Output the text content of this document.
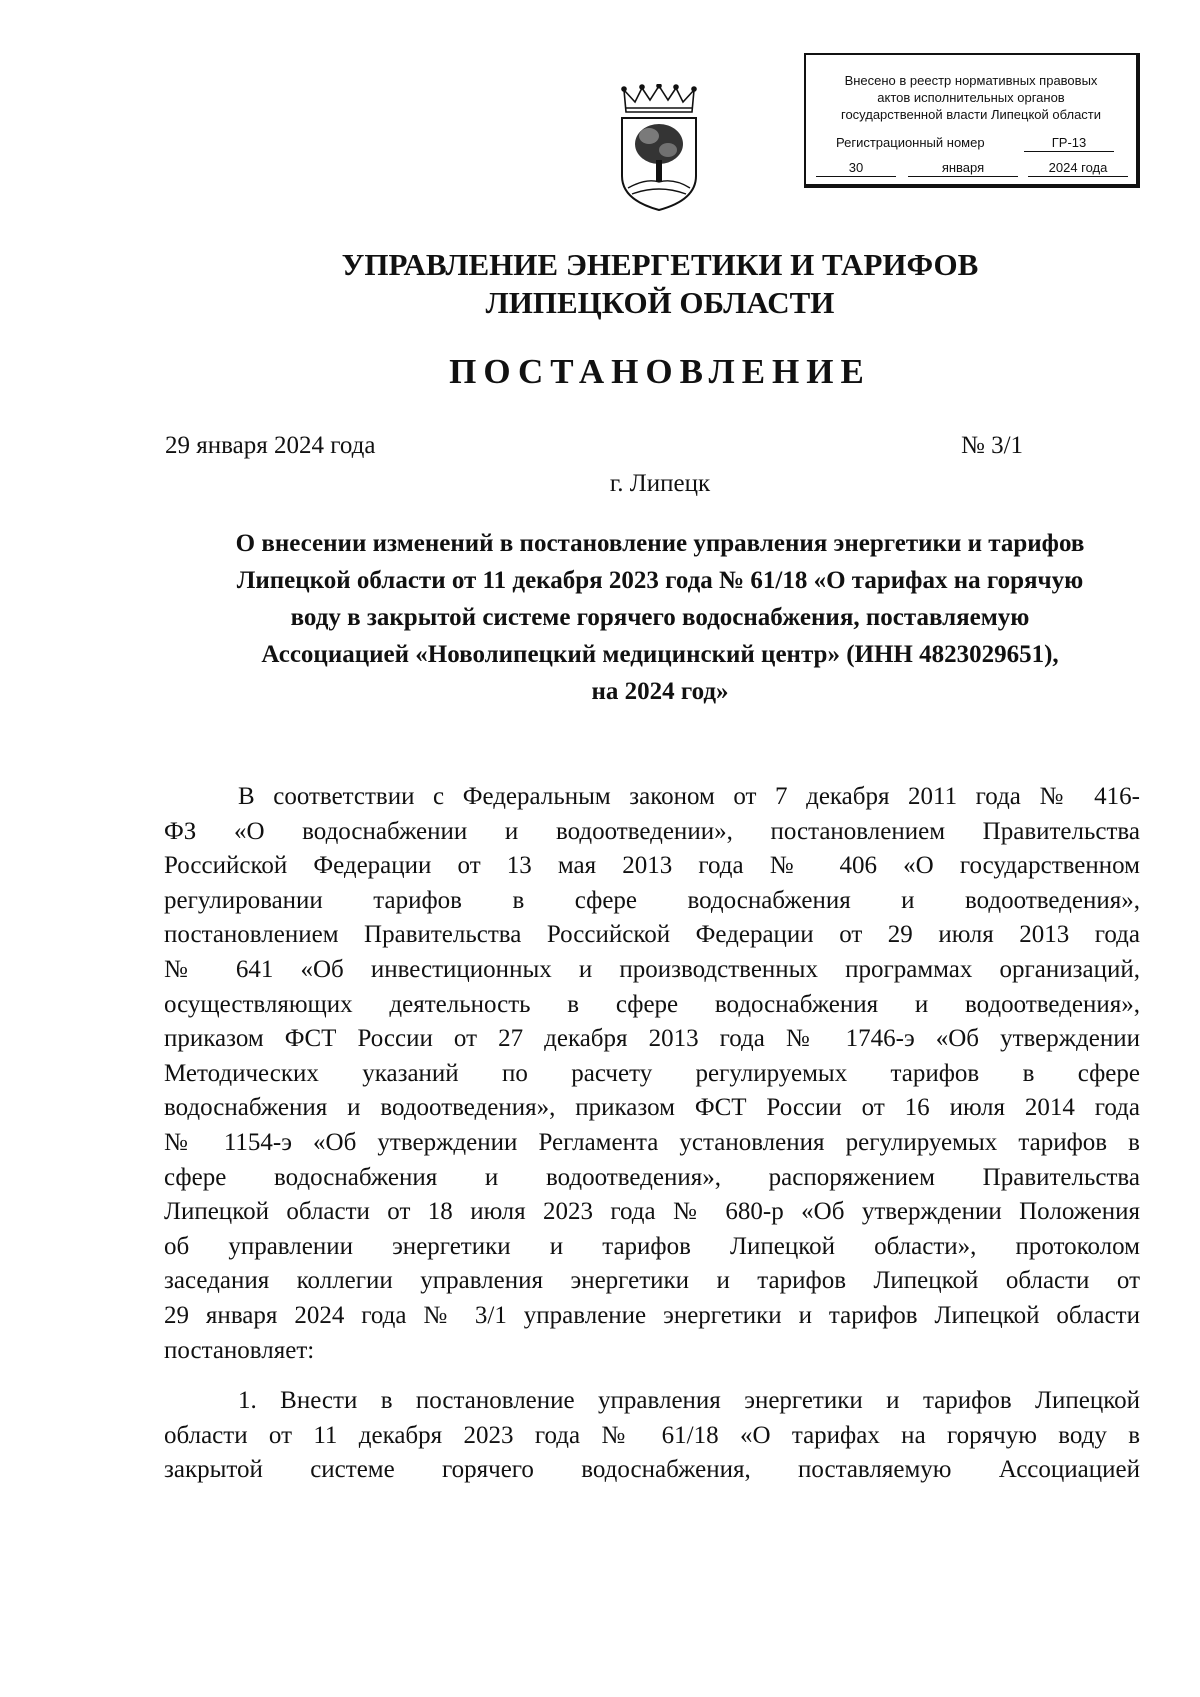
Внесено в реестр нормативных правовых
актов исполнительных органов
государственной власти Липецкой области
Регистрационный номер	ГР-13
30	января	2024 года
УПРАВЛЕНИЕ ЭНЕРГЕТИКИ И ТАРИФОВ
ЛИПЕЦКОЙ ОБЛАСТИ
ПОСТАНОВЛЕНИЕ
29 января 2024 года	№ 3/1
г. Липецк
О внесении изменений в постановление управления энергетики и тарифов
Липецкой области от 11 декабря 2023 года № 61/18 «О тарифах на горячую
воду в закрытой системе горячего водоснабжения, поставляемую
Ассоциацией «Новолипецкий медицинский центр» (ИНН 4823029651),
на 2024 год»

В соответствии с Федеральным законом от 7 декабря 2011 года № 416-

ФЗ «О водоснабжении и водоотведении», постановлением Правительства

Российской Федерации от 13 мая 2013 года № 406 «О государственном

регулировании тарифов в сфере водоснабжения и водоотведения»,

постановлением Правительства Российской Федерации от 29 июля 2013 года

№ 641 «Об инвестиционных и производственных программах организаций,

осуществляющих деятельность в сфере водоснабжения и водоотведения»,

приказом ФСТ России от 27 декабря 2013 года № 1746-э «Об утверждении

Методических указаний по расчету регулируемых тарифов в сфере

водоснабжения и водоотведения», приказом ФСТ России от 16 июля 2014 года

№ 1154-э «Об утверждении Регламента установления регулируемых тарифов в

сфере водоснабжения и водоотведения», распоряжением Правительства

Липецкой области от 18 июля 2023 года № 680-р «Об утверждении Положения

об управлении энергетики и тарифов Липецкой области», протоколом

заседания коллегии управления энергетики и тарифов Липецкой области от

29 января 2024 года № 3/1 управление энергетики и тарифов Липецкой области

постановляет:

1. Внести в постановление управления энергетики и тарифов Липецкой

области от 11 декабря 2023 года № 61/18 «О тарифах на горячую воду в

закрытой системе горячего водоснабжения, поставляемую Ассоциацией
